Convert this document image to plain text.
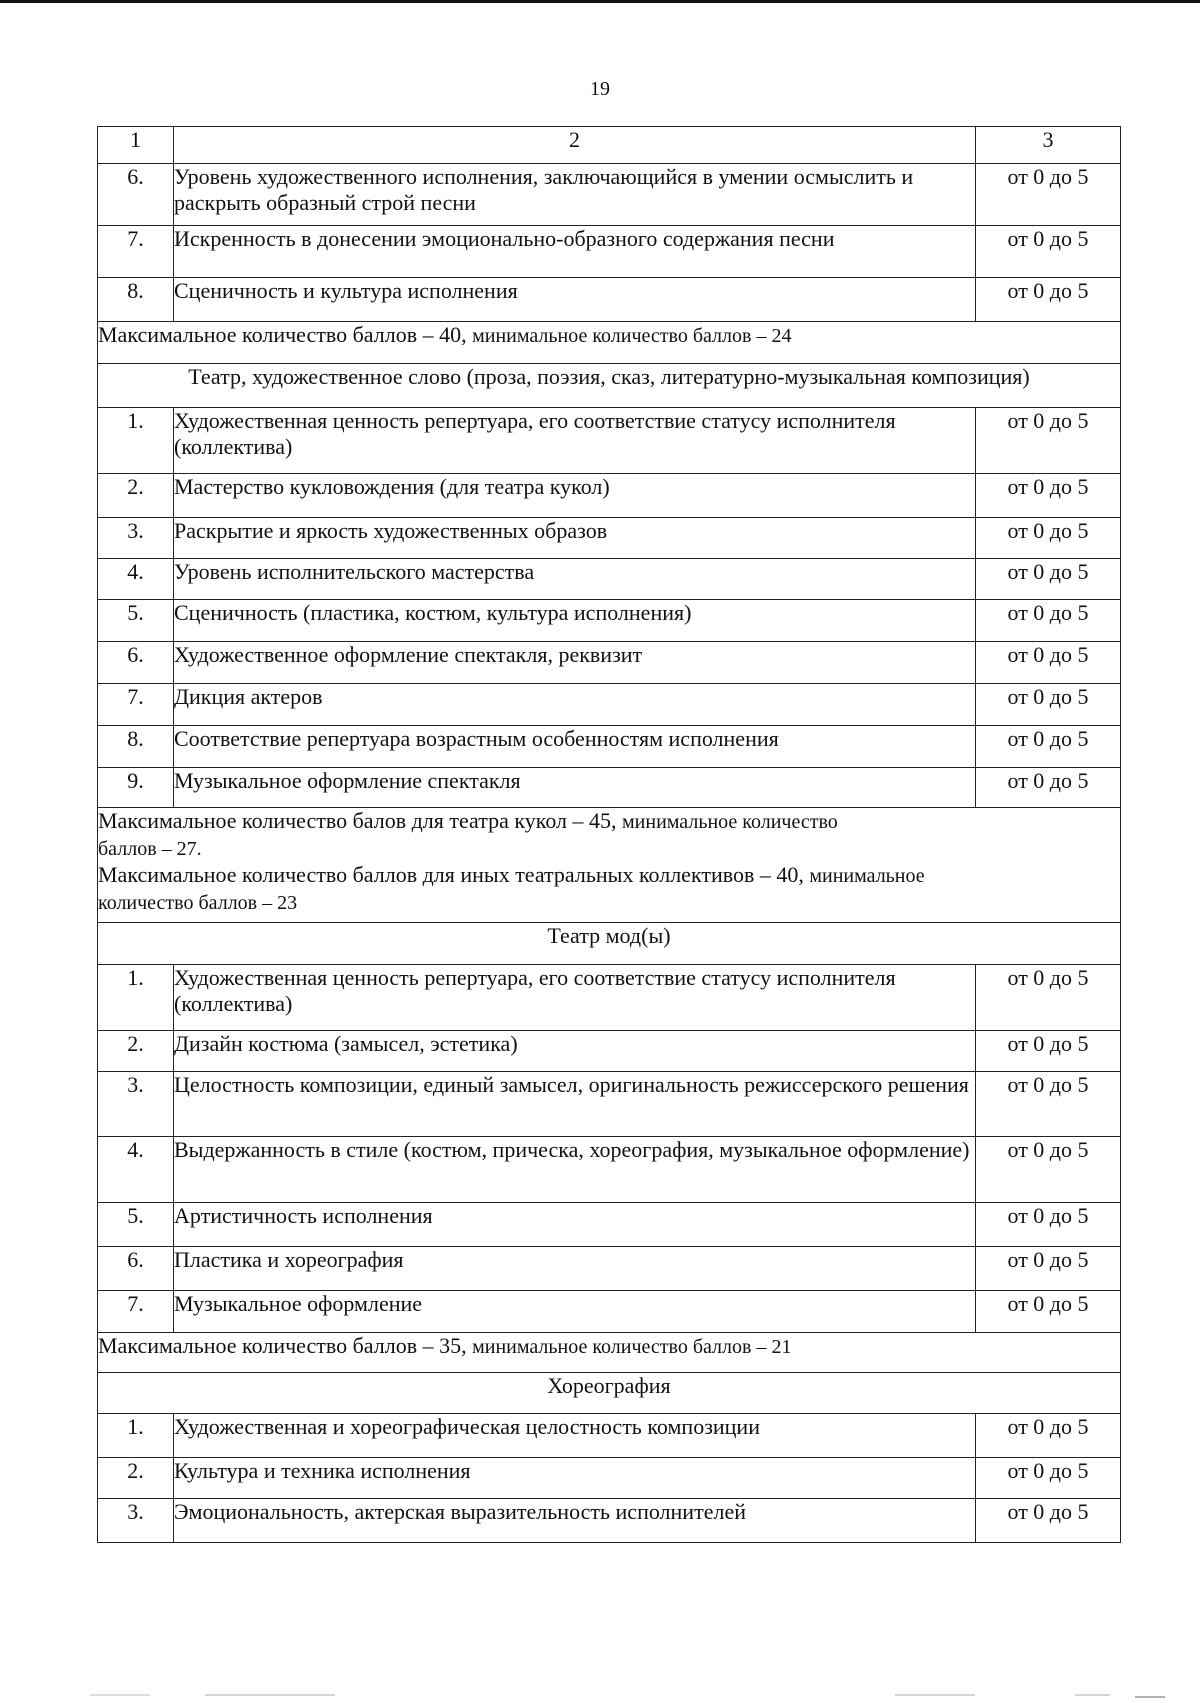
19
1	2	3
6.	Уровень художественного исполнения, заключающийся в умении осмыслить и раскрыть образный строй песни	от 0 до 5
7.	Искренность в донесении эмоционально-образного содержания песни	от 0 до 5
8.	Сценичность и культура исполнения	от 0 до 5

Максимальное количество баллов – 40, минимальное количество баллов – 24		

Театр, художественное слово (проза, поэзия, сказ, литературно-музыкальная композиция)		
1.	Художественная ценность репертуара, его соответствие статусу исполнителя (коллектива)	от 0 до 5
2.	Мастерство кукловождения (для театра кукол)	от 0 до 5
3.	Раскрытие и яркость художественных образов	от 0 до 5
4.	Уровень исполнительского мастерства	от 0 до 5
5.	Сценичность (пластика, костюм, культура исполнения)	от 0 до 5
6.	Художественное оформление спектакля, реквизит	от 0 до 5
7.	Дикция актеров	от 0 до 5
8.	Соответствие репертуара возрастным особенностям исполнения	от 0 до 5
9.	Музыкальное оформление спектакля	от 0 до 5

Максимальное количество балов для театра кукол – 45, минимальное количество
баллов – 27.
Максимальное количество баллов для иных театральных коллективов – 40, минимальное
количество баллов – 23		

Театр мод(ы)		
1.	Художественная ценность репертуара, его соответствие статусу исполнителя (коллектива)	от 0 до 5
2.	Дизайн костюма (замысел, эстетика)	от 0 до 5
3.	Целостность композиции, единый замысел, оригинальность режиссерского решения	от 0 до 5
4.	Выдержанность в стиле (костюм, прическа, хореография, музыкальное оформление)	от 0 до 5
5.	Артистичность исполнения	от 0 до 5
6.	Пластика и хореография	от 0 до 5
7.	Музыкальное оформление	от 0 до 5

Максимальное количество баллов – 35, минимальное количество баллов – 21		

Хореография		
1.	Художественная и хореографическая целостность композиции	от 0 до 5
2.	Культура и техника исполнения	от 0 до 5
3.	Эмоциональность, актерская выразительность исполнителей	от 0 до 5
